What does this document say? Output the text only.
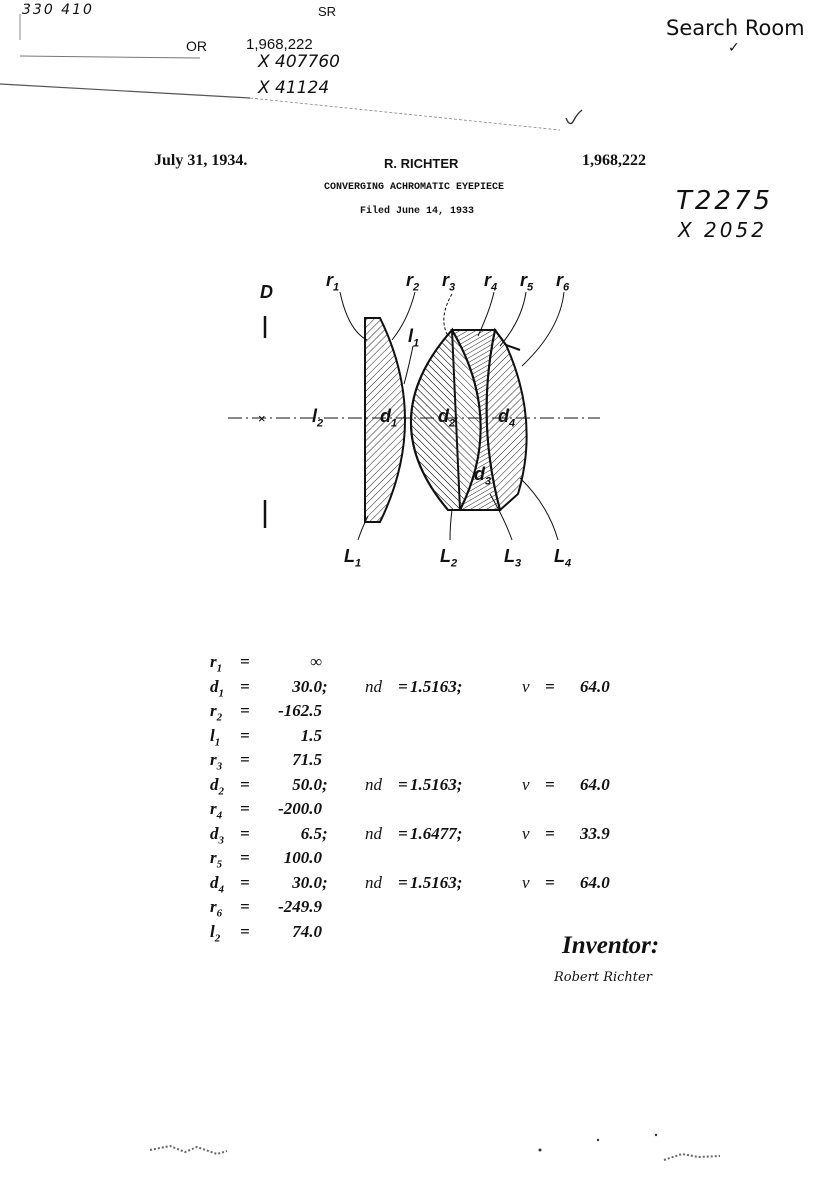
330 410	SR
OR	1,968,222
X 407760
X 41124
Search Room
✓
T2275
X 2052
July 31, 1934.	R. RICHTER	1,968,222
CONVERGING ACHROMATIC EYEPIECE
Filed June 14, 1933
×
D
$r_1$	$r_2$ $r_3$ $r_4$ $r_5$ $r_6$
$l_1$
$l_2$	$d_1$ $d_2$
$d_3$
$d_4$
$L_1$	$L_2$	$L_3$ $L_4$
$r_1$ =	∞
$d_1$ =	30.0 ; nd = 1.5163;	ν = 64.0
$r_2$ =	-162.5
$l_1$ =	1.5
$r_3$ =	71.5
$d_2$ =	50.0 ; nd = 1.5163;	ν = 64.0
$r_4$ =	-200.0
$d_3$ =	6.5 ; nd = 1.6477;	ν = 33.9
$r_5$ =	100.0
$d_4$ =	30.0 ; nd = 1.5163;	ν = 64.0
$r_6$ =	-249.9
$l_2$ =	74.0
Inventor:
Robert Richter
